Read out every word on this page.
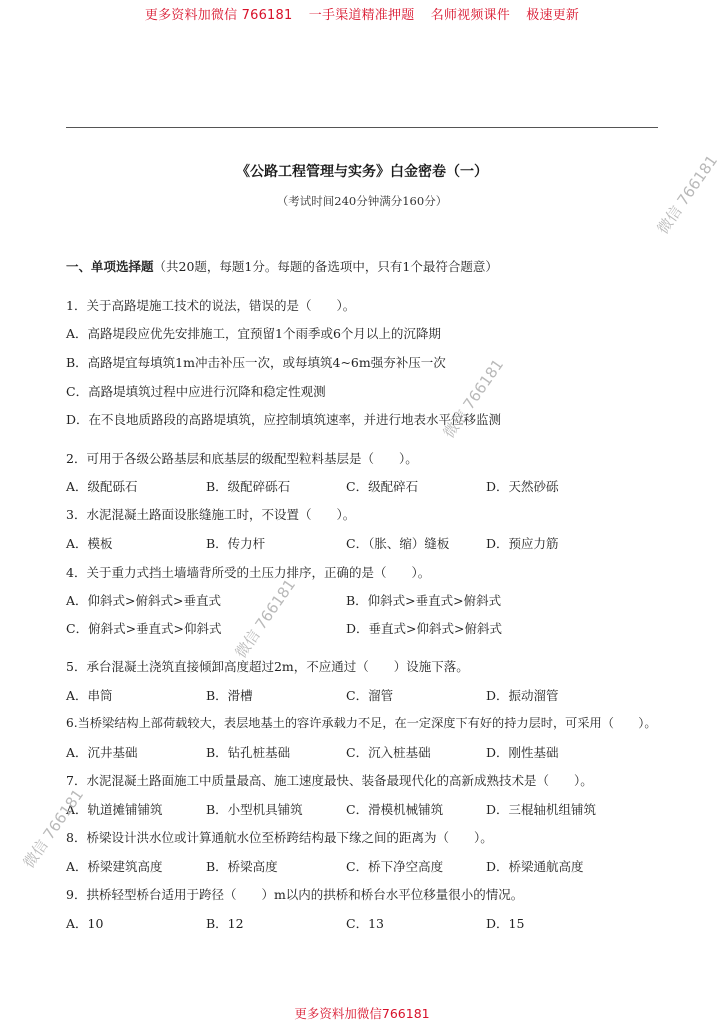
更多资料加微信 766181 一手渠道精准押题 名师视频课件 极速更新
《公路工程管理与实务》白金密卷（一）
（考试时间240分钟满分160分）
一、单项选择题（共20题，每题1分。每题的备选项中，只有1个最符合题意）
1．关于高路堤施工技术的说法，错误的是（　　）。
A．高路堤段应优先安排施工，宜预留1个雨季或6个月以上的沉降期
B．高路堤宜每填筑1m冲击补压一次，或每填筑4~6m强夯补压一次
C．高路堤填筑过程中应进行沉降和稳定性观测
D．在不良地质路段的高路堤填筑，应控制填筑速率，并进行地表水平位移监测
2．可用于各级公路基层和底基层的级配型粒料基层是（　　）。
A．级配砾石	B．级配碎砾石	C．级配碎石	D．天然砂砾
3．水泥混凝土路面设胀缝施工时，不设置（　　）。
A．模板	B．传力杆	C．（胀、缩）缝板	D．预应力筋
4．关于重力式挡土墙墙背所受的土压力排序，正确的是（　　）。
A．仰斜式>俯斜式>垂直式	B．仰斜式>垂直式>俯斜式
C．俯斜式>垂直式>仰斜式	D．垂直式>仰斜式>俯斜式
5．承台混凝土浇筑直接倾卸高度超过2m，不应通过（　　）设施下落。
A．串筒	B．滑槽	C．溜管	D．振动溜管
6.当桥梁结构上部荷载较大，表层地基土的容许承载力不足，在一定深度下有好的持力层时，可采用（　　）。
A．沉井基础	B．钻孔桩基础	C．沉入桩基础	D．刚性基础
7．水泥混凝土路面施工中质量最高、施工速度最快、装备最现代化的高新成熟技术是（　　）。
A．轨道摊铺铺筑	B．小型机具铺筑	C．滑模机械铺筑	D．三棍轴机组铺筑
8．桥梁设计洪水位或计算通航水位至桥跨结构最下缘之间的距离为（　　）。
A．桥梁建筑高度	B．桥梁高度	C．桥下净空高度	D．桥梁通航高度
9．拱桥轻型桥台适用于跨径（　　）m以内的拱桥和桥台水平位移量很小的情况。
A．10	B．12	C．13	D．15
微信 766181
微信 766181
微信 766181
微信 766181
更多资料加微信766181
